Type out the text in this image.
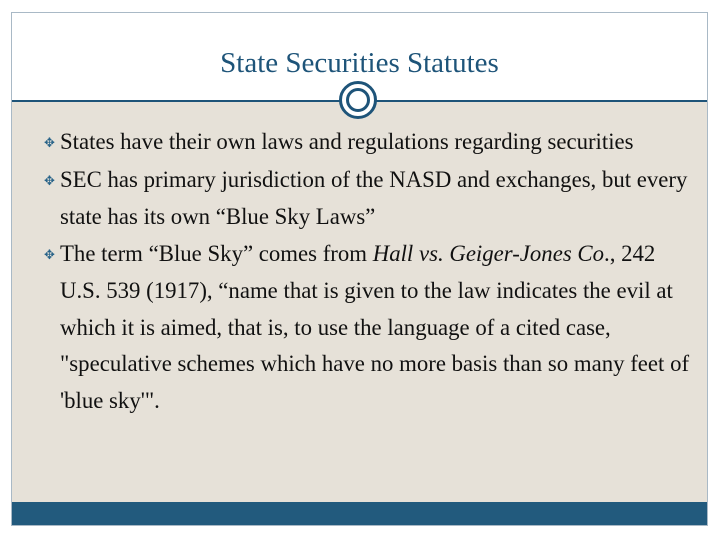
State Securities Statutes
✥ States have their own laws and regulations regarding securities
✥ SEC has primary jurisdiction of the NASD and exchanges, but every state has its own “Blue Sky Laws”
✥ The term “Blue Sky” comes from Hall vs. Geiger-Jones Co., 242 U.S. 539 (1917), “name that is given to the law indicates the evil at which it is aimed, that is, to use the language of a cited case, "speculative schemes which have no more basis than so many feet of 'blue sky'".
